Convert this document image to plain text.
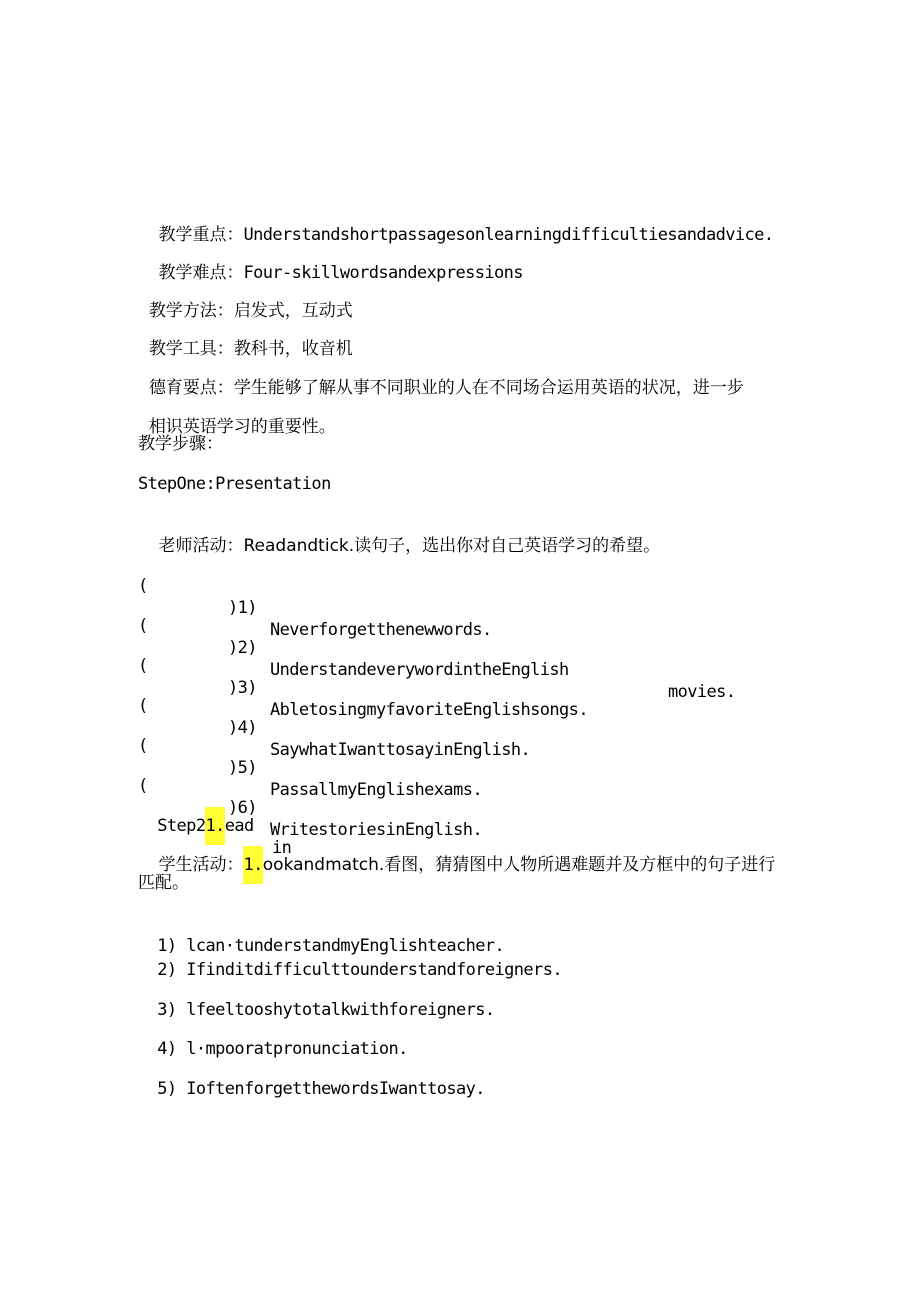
教学重点：Understandshortpassagesonlearningdifficultiesandadvice.

教学难点：Four-skillwordsandexpressions

教学方法：启发式，互动式

教学工具：教科书，收音机

德育要点：学生能够了解从事不同职业的人在不同场合运用英语的状况，进一步

相识英语学习的重要性。

教学步骤：
StepOne:Presentation

老师活动：Readandtick.读句子，选出你对自己英语学习的希望。

(

)1)

Neverforgetthenewwords.

(

)2)

UnderstandeverywordintheEnglish

movies.

(

)3)

AbletosingmyfavoriteEnglishsongs.

(

)4)

SaywhatIwanttosayinEnglish.

(

)5)

PassallmyEnglishexams.

(

)6)

WritestoriesinEnglish.

Step21.ead

in

学生活动：1.ookandmatch.看图，猜猜图中人物所遇难题并及方框中的句子进行

匹配。

1) lcan·tunderstandmyEnglishteacher.

2) Ifinditdifficulttounderstandforeigners.

3) lfeeltooshytotalkwithforeigners.

4) l·mpooratpronunciation.

5) IoftenforgetthewordsIwanttosay.
